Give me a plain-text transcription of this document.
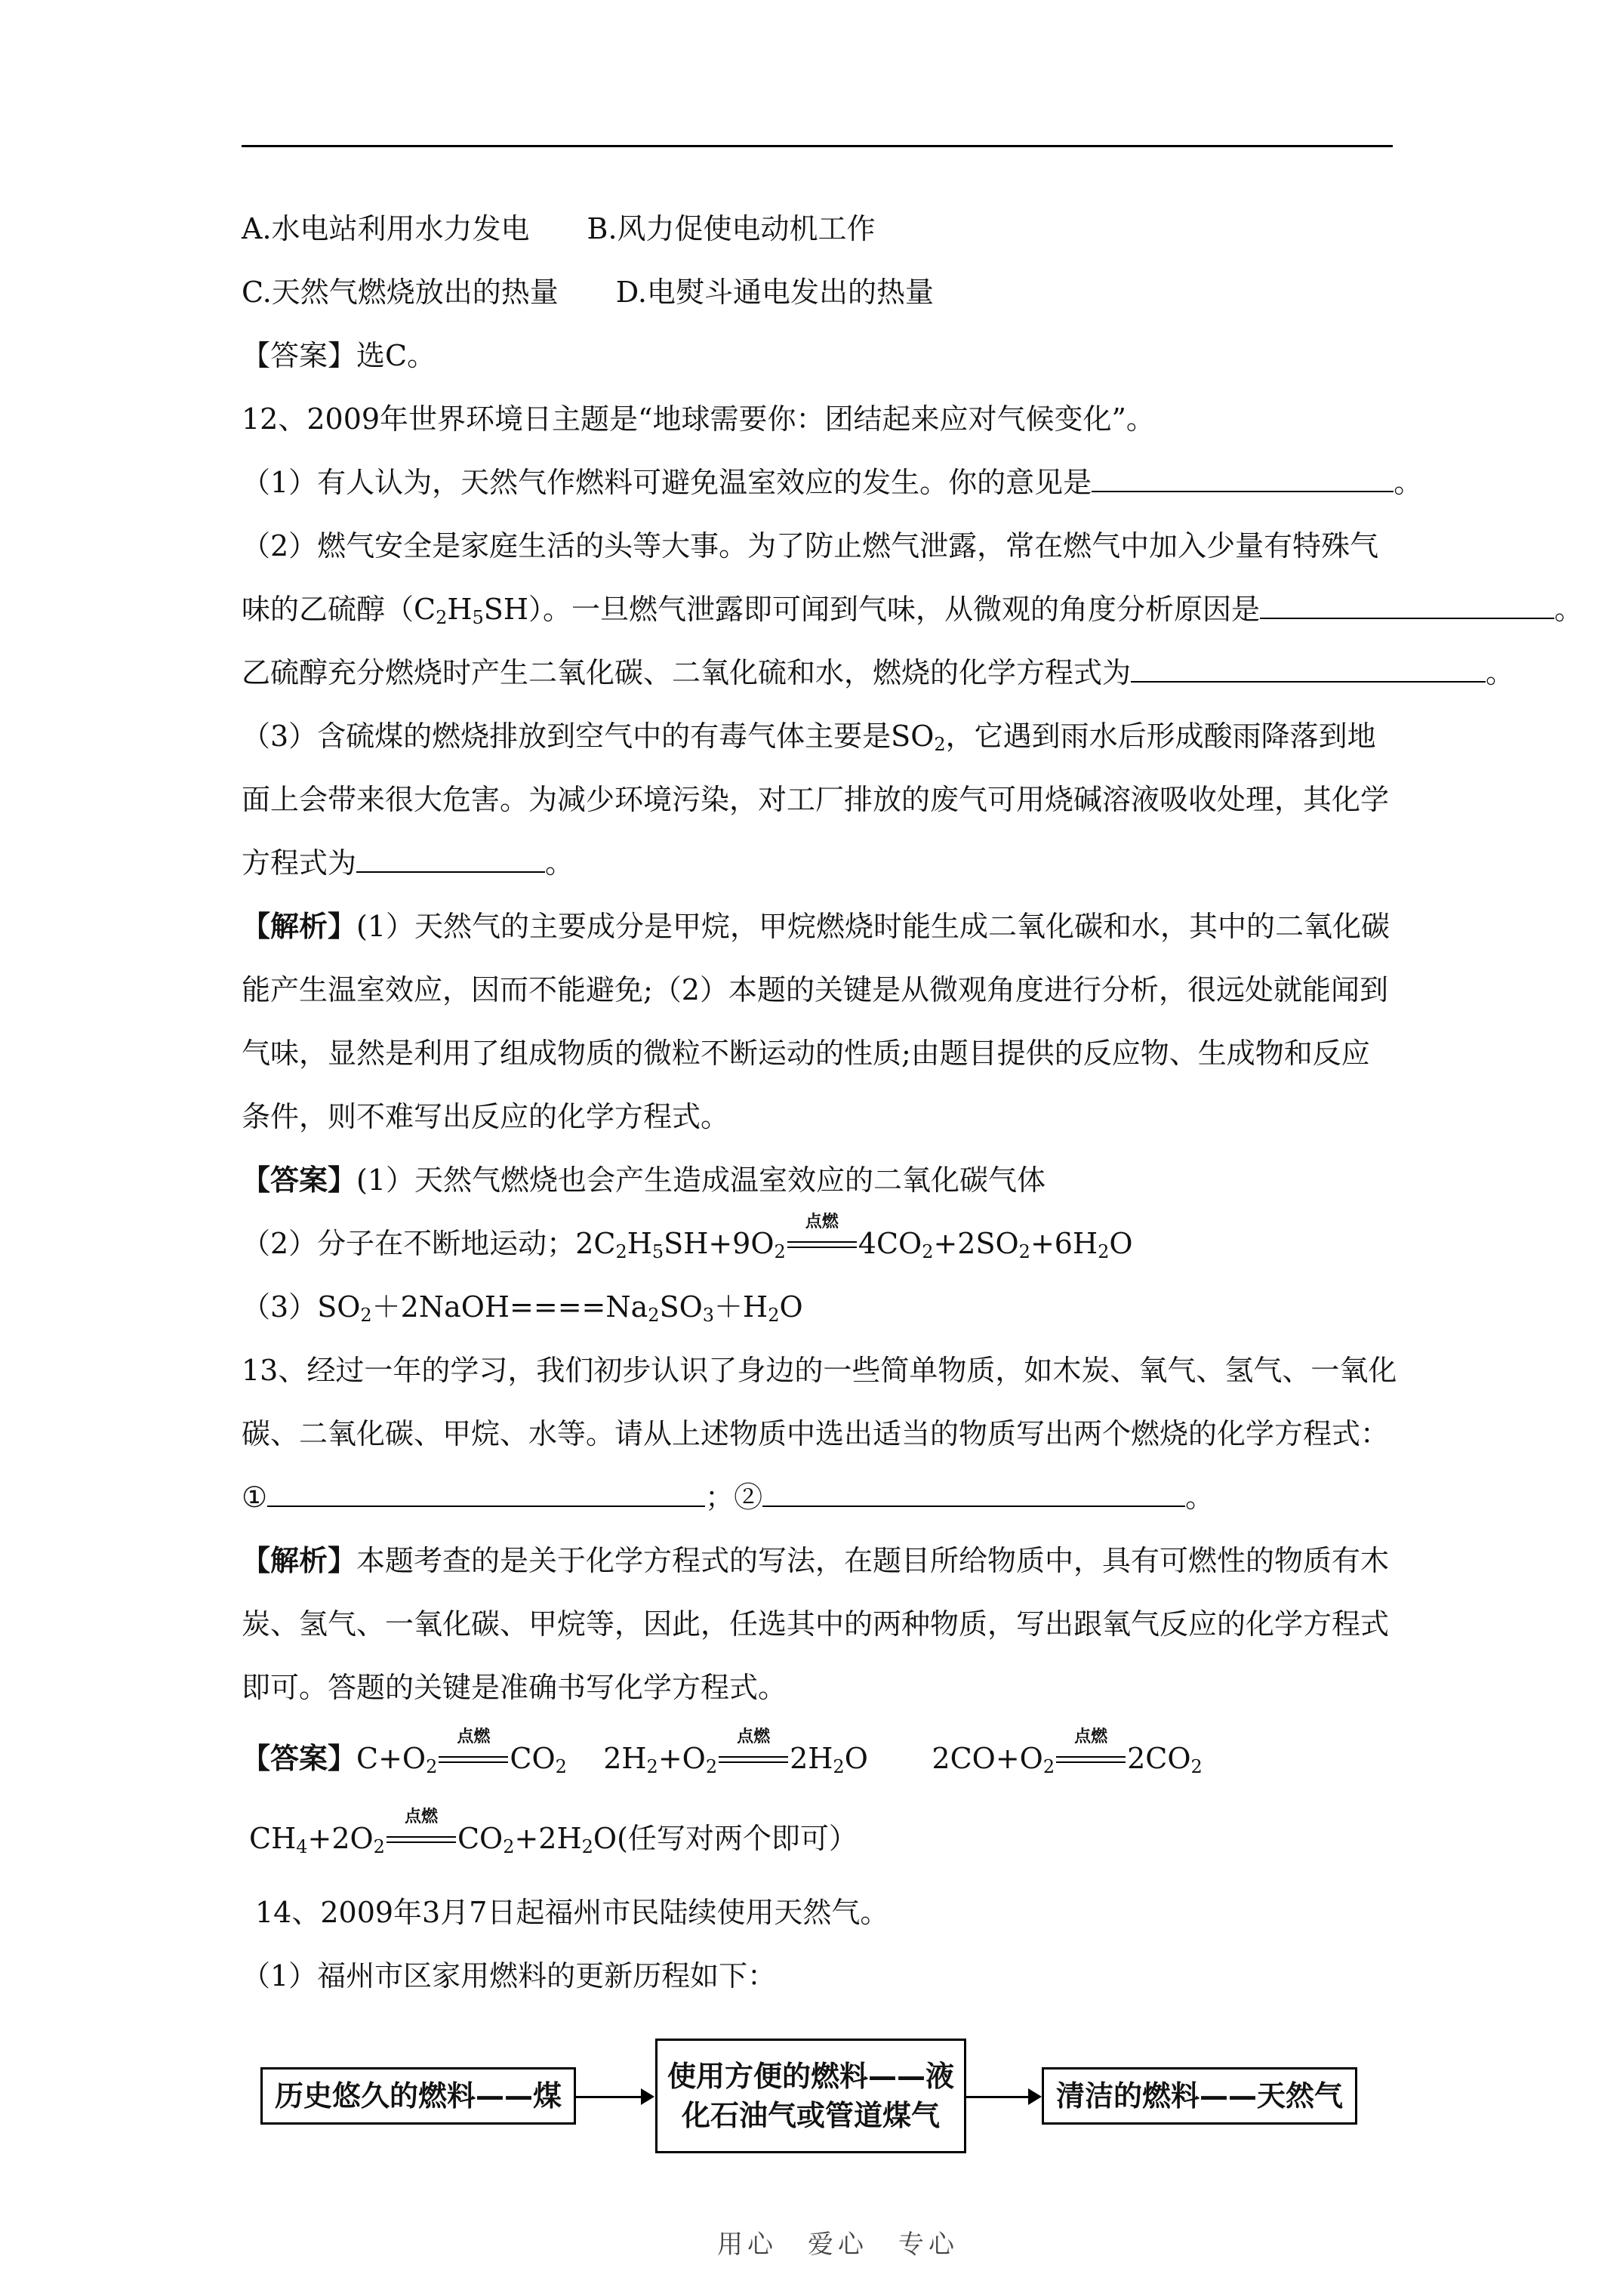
A.水电站利用水力发电　　B.风力促使电动机工作
C.天然气燃烧放出的热量　　D.电熨斗通电发出的热量
【答案】选C。
12、2009年世界环境日主题是“地球需要你：团结起来应对气候变化”。
（1）有人认为，天然气作燃料可避免温室效应的发生。你的意见是	。
（2）燃气安全是家庭生活的头等大事。为了防止燃气泄露，常在燃气中加入少量有特殊气
味的乙硫醇$(C_2H_5SH)$。一旦燃气泄露即可闻到气味，从微观的角度分析原因是	。
乙硫醇充分燃烧时产生二氧化碳、二氧化硫和水，燃烧的化学方程式为	。
（3）含硫煤的燃烧排放到空气中的有毒气体主要是$SO_2$，它遇到雨水后形成酸雨降落到地
面上会带来很大危害。为减少环境污染，对工厂排放的废气可用烧碱溶液吸收处理，其化学
方程式为	。
【解析】(1）天然气的主要成分是甲烷，甲烷燃烧时能生成二氧化碳和水，其中的二氧化碳
能产生温室效应，因而不能避免;（2）本题的关键是从微观角度进行分析，很远处就能闻到
气味，显然是利用了组成物质的微粒不断运动的性质;由题目提供的反应物、生成物和反应
条件，则不难写出反应的化学方程式。
【答案】(1）天然气燃烧也会产生造成温室效应的二氧化碳气体
（2）分子在不断地运动；$2C_2H_5SH+9O_2$
点燃
$4CO_2+2SO_2+6H_2O$
$(3)SO_2+2NaOH====Na_2SO_3+H_2O$
13、经过一年的学习，我们初步认识了身边的一些简单物质，如木炭、氧气、氢气、一氧化
碳、二氧化碳、甲烷、水等。请从上述物质中选出适当的物质写出两个燃烧的化学方程式：
①	；②	。
【解析】本题考查的是关于化学方程式的写法，在题目所给物质中，具有可燃性的物质有木
炭、氢气、一氧化碳、甲烷等，因此，任选其中的两种物质，写出跟氧气反应的化学方程式
即可。答题的关键是准确书写化学方程式。
【答案】$C+O_2$
点燃
$CO_2$    $2H_2+O_2$
点燃
$2H_2O$       $2CO+O_2$
点燃
$2CO_2$
$CH_4+2O_2$
点燃
$CO_2+2H_2O$(任写对两个即可）
14、2009年3月7日起福州市民陆续使用天然气。
（1）福州市区家用燃料的更新历程如下：
历史悠久的燃料——煤
使用方便的燃料——液
化石油气或管道煤气
清洁的燃料——天然气
用心　爱心　专心
